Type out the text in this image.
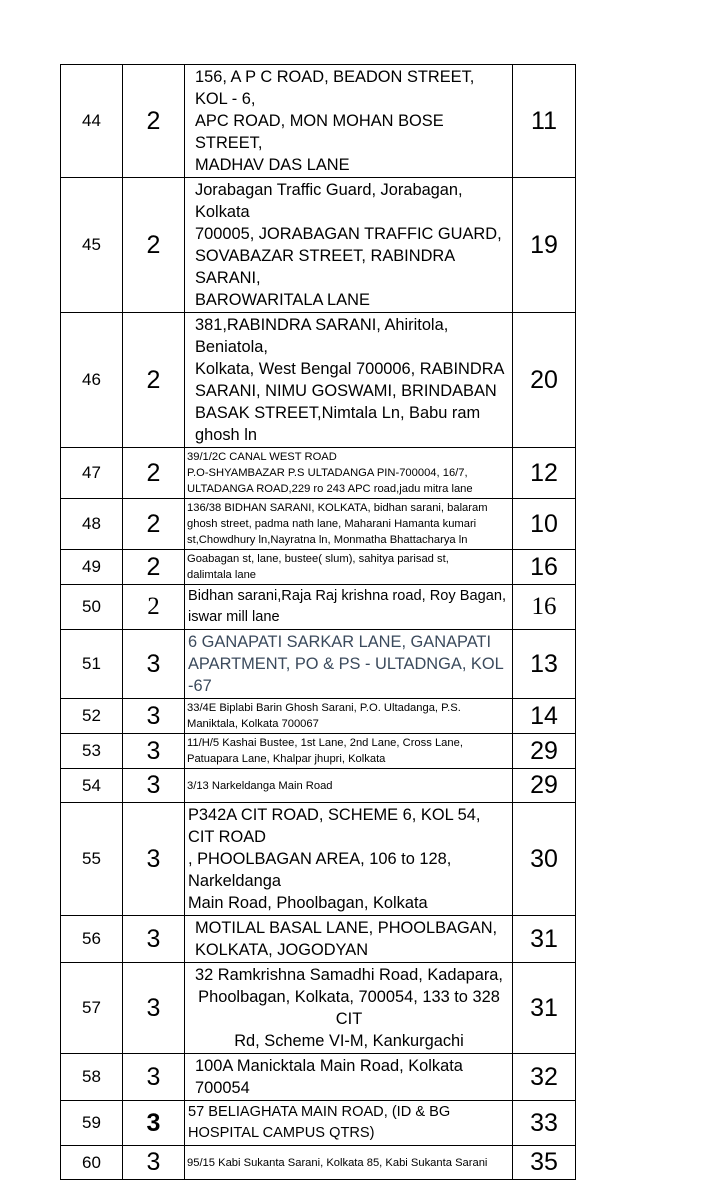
44	2	156, A P C ROAD, BEADON STREET, KOL - 6,
APC ROAD, MON MOHAN BOSE STREET,
MADHAV DAS LANE	11
45	2	Jorabagan Traffic Guard, Jorabagan, Kolkata
700005, JORABAGAN TRAFFIC GUARD,
SOVABAZAR STREET, RABINDRA SARANI,
BAROWARITALA LANE	19
46	2	381,RABINDRA SARANI, Ahiritola, Beniatola,
Kolkata, West Bengal 700006, RABINDRA
SARANI, NIMU GOSWAMI, BRINDABAN
BASAK STREET,Nimtala Ln, Babu ram ghosh ln	20
47	2	39/1/2C CANAL WEST ROAD
P.O-SHYAMBAZAR P.S ULTADANGA PIN-700004, 16/7,
ULTADANGA ROAD,229 ro 243 APC road,jadu mitra lane	12
48	2	136/38 BIDHAN SARANI, KOLKATA, bidhan sarani, balaram
ghosh street, padma nath lane, Maharani Hamanta kumari
st,Chowdhury ln,Nayratna ln, Monmatha Bhattacharya ln	10
49	2	Goabagan st, lane, bustee( slum), sahitya parisad st,
dalimtala lane	16
50	2	Bidhan sarani,Raja Raj krishna road, Roy Bagan,
iswar mill lane	16
51	3	6 GANAPATI SARKAR LANE, GANAPATI
APARTMENT, PO & PS - ULTADNGA, KOL -67	13
52	3	33/4E Biplabi Barin Ghosh Sarani, P.O. Ultadanga, P.S.
Maniktala, Kolkata 700067	14
53	3	11/H/5 Kashai Bustee, 1st Lane, 2nd Lane, Cross Lane,
Patuapara Lane, Khalpar jhupri, Kolkata	29
54	3	3/13 Narkeldanga Main Road	29
55	3	P342A CIT ROAD, SCHEME 6, KOL 54, CIT ROAD
, PHOOLBAGAN AREA, 106 to 128, Narkeldanga
Main Road, Phoolbagan, Kolkata	30
56	3	MOTILAL BASAL LANE, PHOOLBAGAN,
KOLKATA, JOGODYAN	31
57	3	32 Ramkrishna Samadhi Road, Kadapara,
Phoolbagan, Kolkata, 700054, 133 to 328 CIT
Rd, Scheme VI-M, Kankurgachi	31
58	3	100A Manicktala Main Road, Kolkata 700054	32
59	3	57 BELIAGHATA MAIN ROAD, (ID & BG
HOSPITAL CAMPUS QTRS)	33
60	3	95/15 Kabi Sukanta Sarani, Kolkata 85, Kabi Sukanta Sarani	35
